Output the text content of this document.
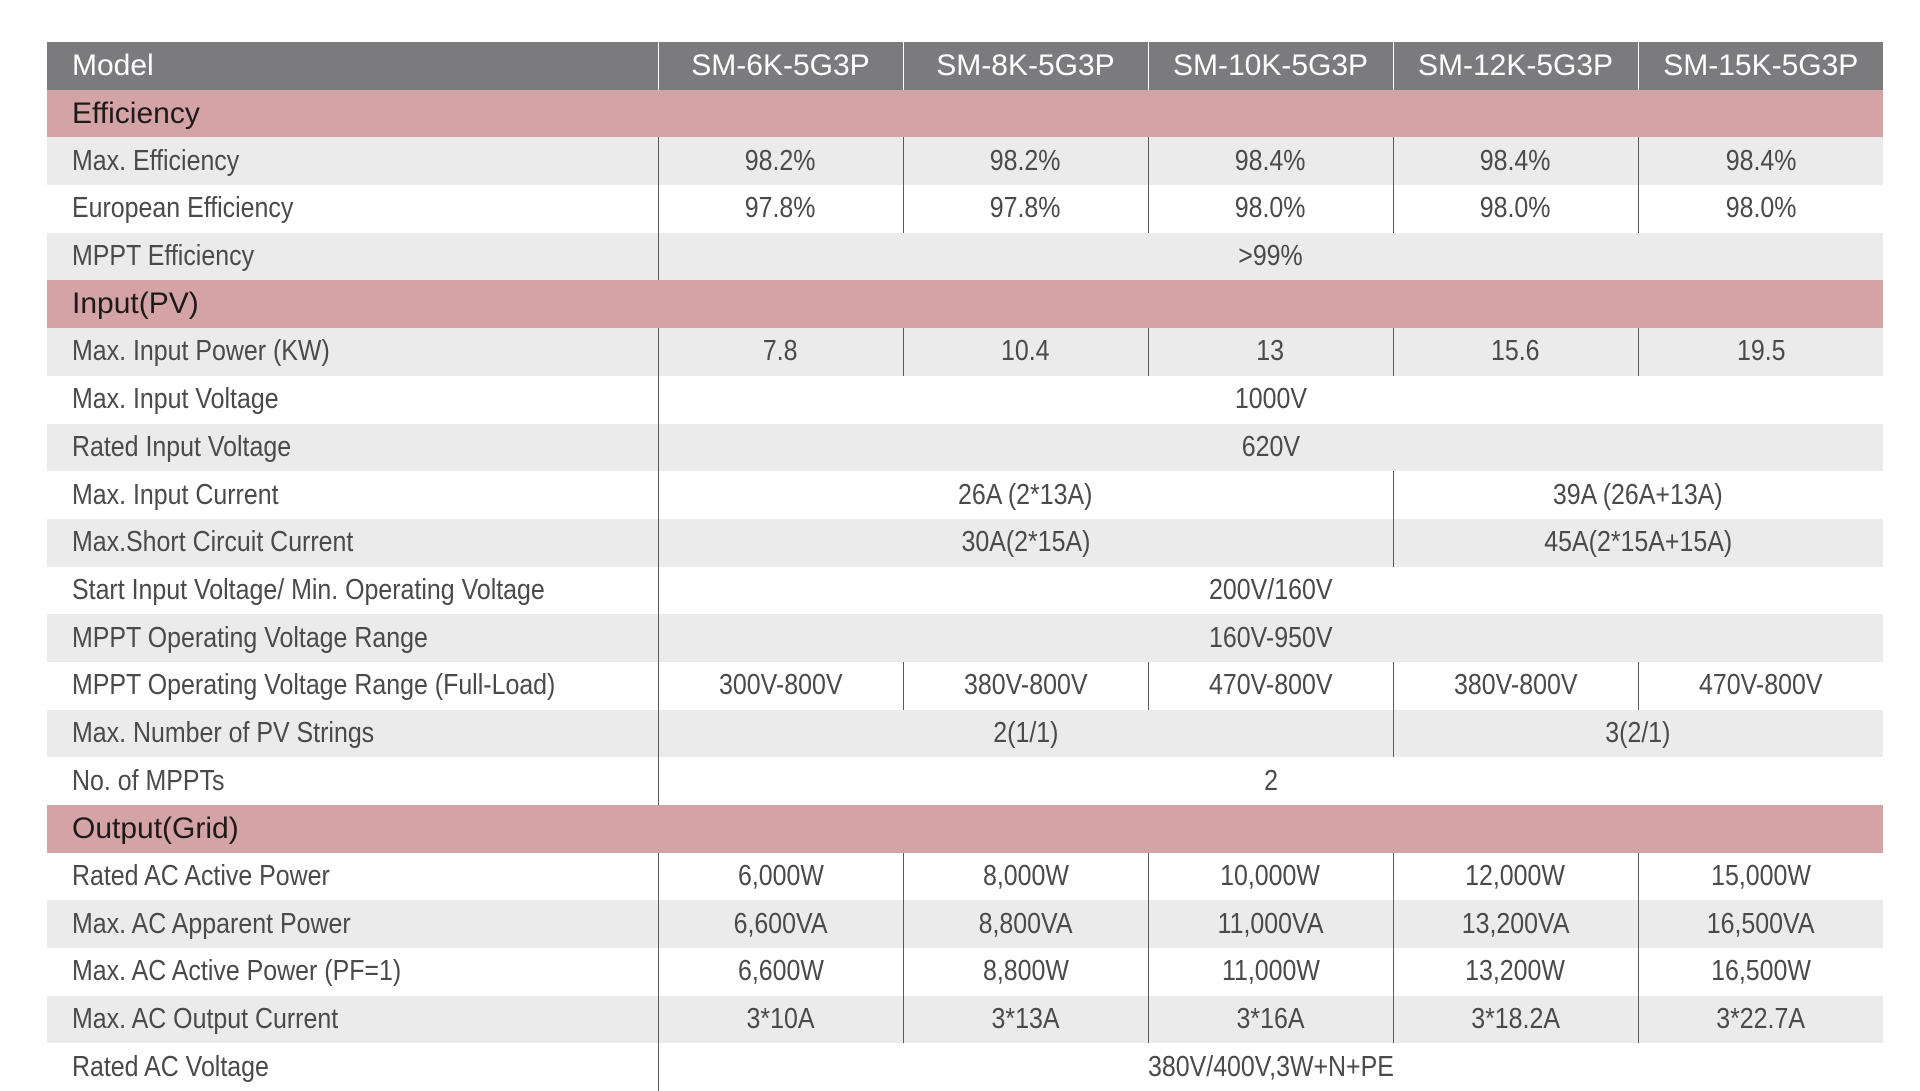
Model	SM-6K-5G3P	SM-8K-5G3P	SM-10K-5G3P	SM-12K-5G3P	SM-15K-5G3P
Efficiency					
Max. Efficiency	98.2%	98.2%	98.4%	98.4%	98.4%
European Efficiency	97.8%	97.8%	98.0%	98.0%	98.0%
MPPT Efficiency	>99%				
Input(PV)					
Max. Input Power (KW)	7.8	10.4	13	15.6	19.5
Max. Input Voltage	1000V				
Rated Input Voltage	620V				
Max. Input Current	26A (2*13A)			39A (26A+13A)	
Max.Short Circuit Current	30A(2*15A)			45A(2*15A+15A)	
Start Input Voltage/ Min. Operating Voltage	200V/160V				
MPPT Operating Voltage Range	160V-950V				
MPPT Operating Voltage Range (Full-Load)	300V-800V	380V-800V	470V-800V	380V-800V	470V-800V
Max. Number of PV Strings	2(1/1)			3(2/1)	
No. of MPPTs	2				
Output(Grid)					
Rated AC Active Power	6,000W	8,000W	10,000W	12,000W	15,000W
Max. AC Apparent Power	6,600VA	8,800VA	11,000VA	13,200VA	16,500VA
Max. AC Active Power (PF=1)	6,600W	8,800W	11,000W	13,200W	16,500W
Max. AC Output Current	3*10A	3*13A	3*16A	3*18.2A	3*22.7A
Rated AC Voltage	380V/400V,3W+N+PE				
